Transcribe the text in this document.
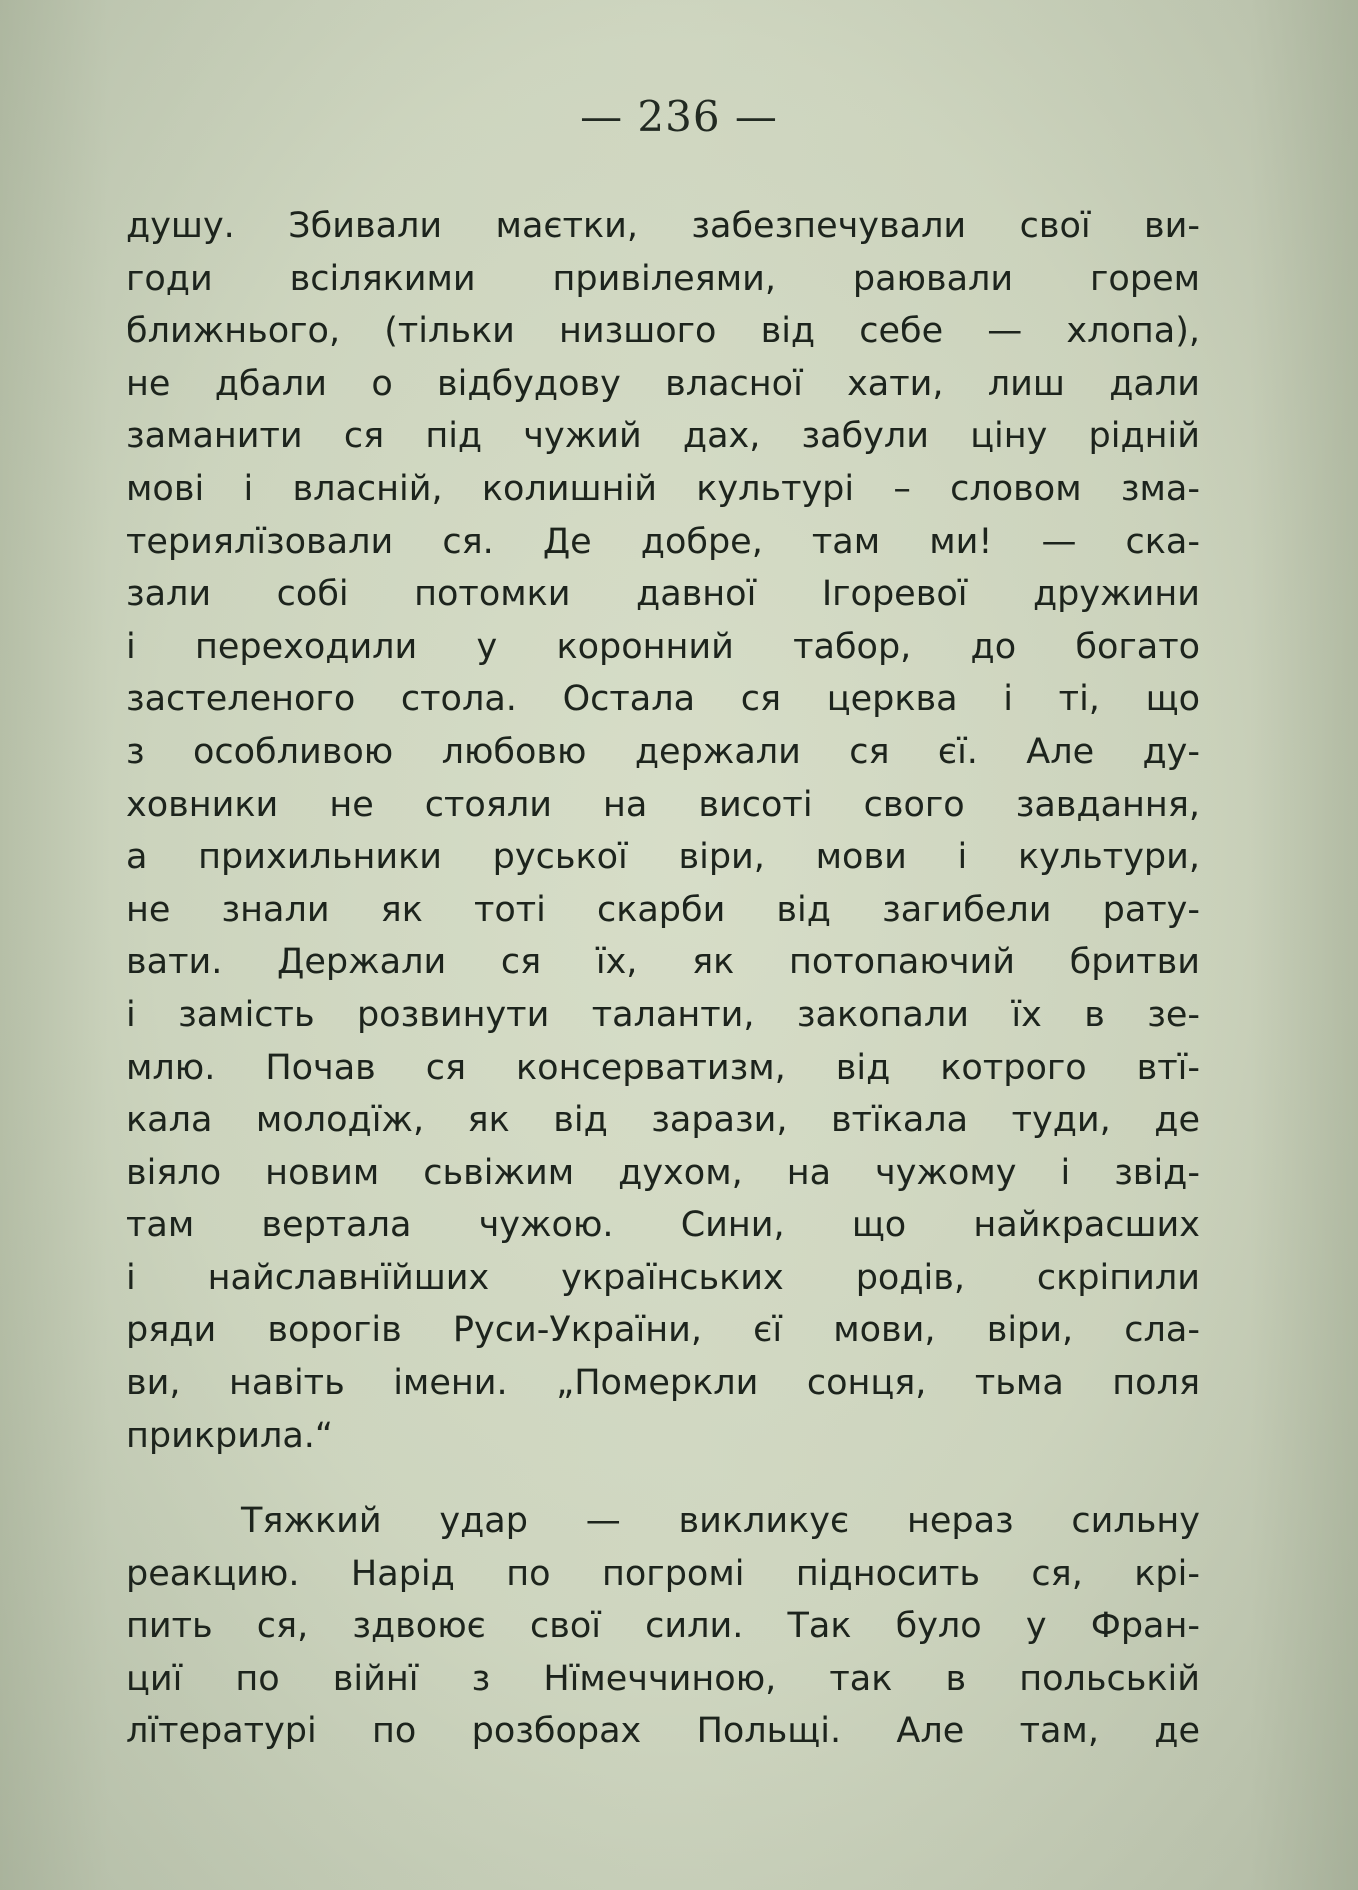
— 236 —
душу. Збивали маєтки, забезпечували свої ви-
годи всілякими привілеями, раювали горем
ближнього, (тільки низшого від себе — хлопа),
не дбали о відбудову власної хати, лиш дали
заманити ся під чужий дах, забули ціну рідній
мові і власній, колишній культурі – словом зма-
териялїзовали ся. Де добре, там ми! — ска-
зали собі потомки давної Ігоревої дружини
і переходили у коронний табор, до богато
застеленого стола. Остала ся церква і ті, що
з особливою любовю держали ся єї. Але ду-
ховники не стояли на висоті свого завдання,
а прихильники руської віри, мови і культури,
не знали як тоті скарби від загибели рату-
вати. Держали ся їх, як потопаючий бритви
і замість розвинути таланти, закопали їх в зе-
млю. Почав ся консерватизм, від котрого втї-
кала молодїж, як від зарази, втїкала туди, де
віяло новим сьвіжим духом, на чужому і звід-
там вертала чужою. Сини, що найкрасших
і найславнїйших українських родів, скріпили
ряди ворогів Руси-України, єї мови, віри, сла-
ви, навіть імени. „Померкли сонця, тьма поля
прикрила.“
Тяжкий удар — викликує нераз сильну
реакцию. Нарід по погромі підносить ся, крі-
пить ся, здвоює свої сили. Так було у Фран-
циї по війнї з Нїмеччиною, так в польській
лїтературі по розборах Польщі. Але там, де
